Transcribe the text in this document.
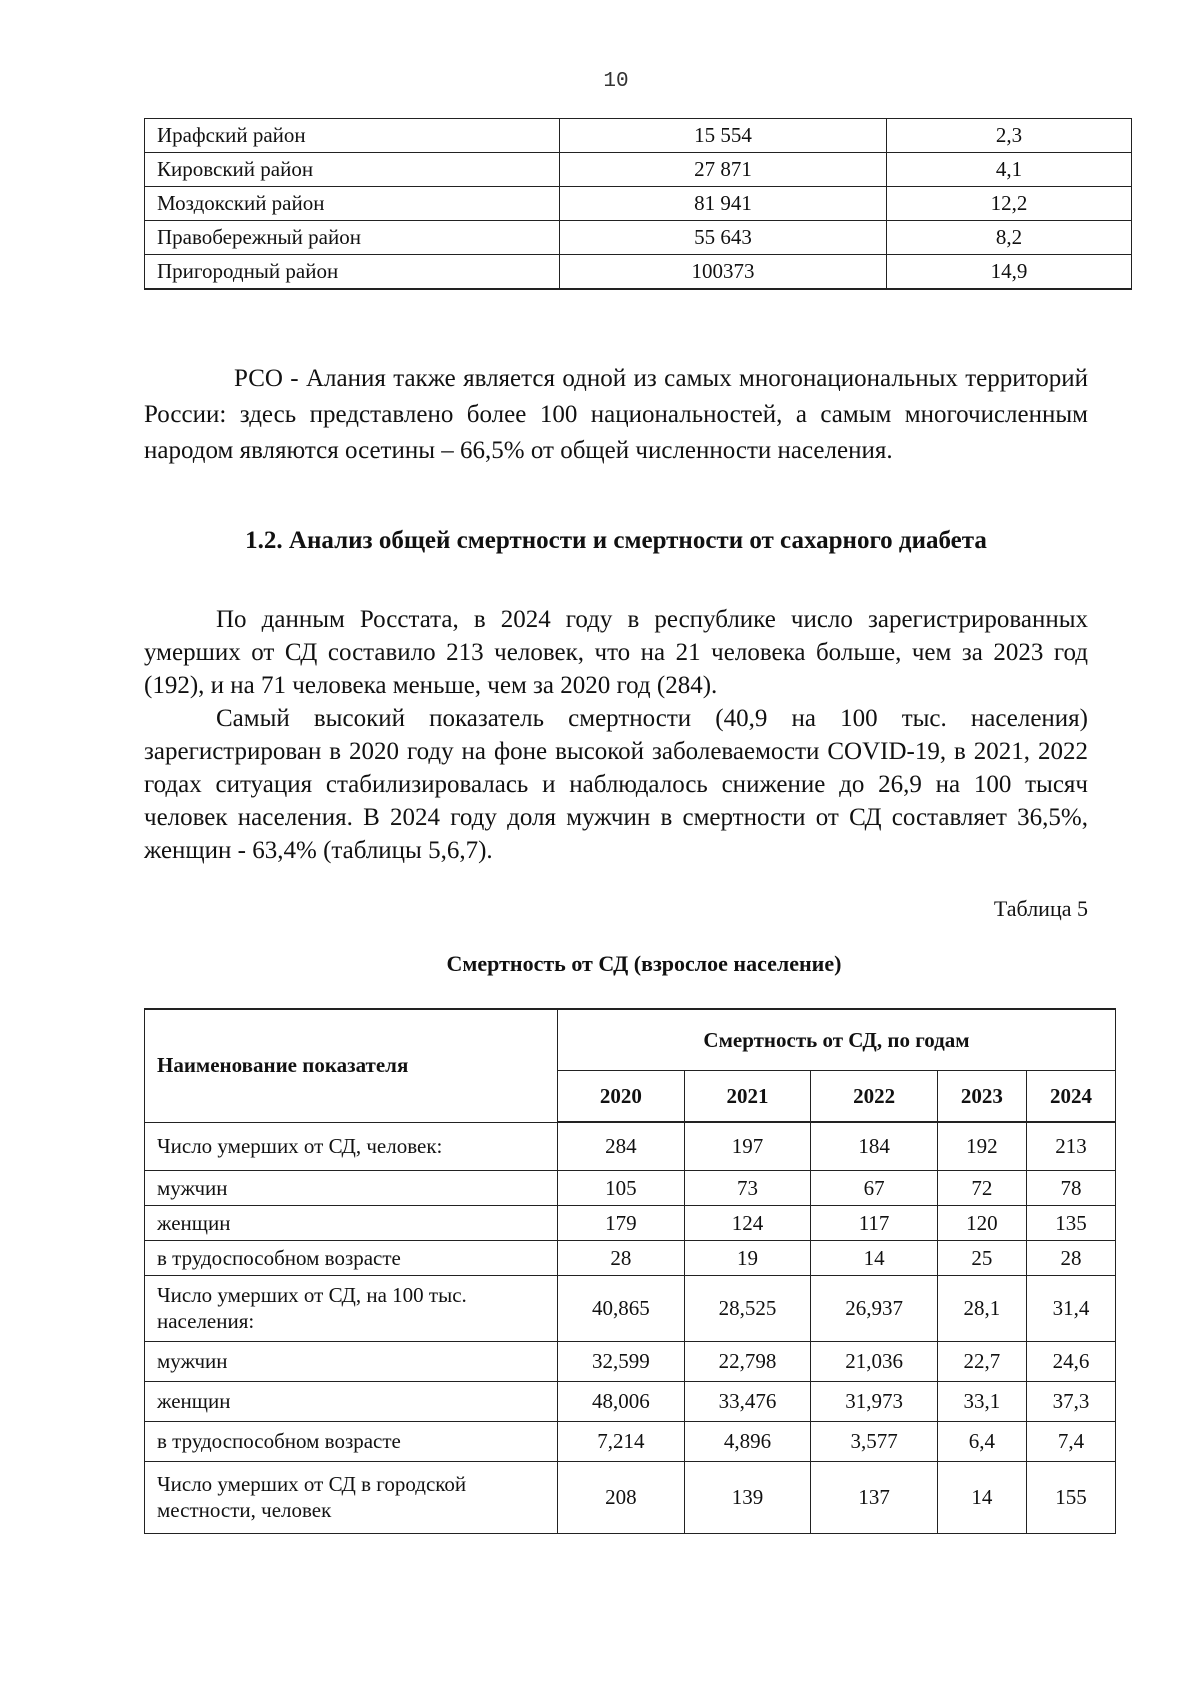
10
Ирафский район	15 554	2,3
Кировский район	27 871	4,1
Моздокский район	81 941	12,2
Правобережный район	55 643	8,2
Пригородный район	100373	14,9

РСО - Алания также является одной из самых многонациональных территорий России: здесь представлено более 100 национальностей, а самым многочисленным народом являются осетины – 66,5% от общей численности населения.

1.2. Анализ общей смертности и смертности от сахарного диабета

По данным Росстата, в 2024 году в республике число зарегистрированных умерших от СД составило 213 человек, что на 21 человека больше, чем за 2023 год (192), и на 71 человека меньше, чем за 2020 год (284).

Самый высокий показатель смертности (40,9 на 100 тыс. населения) зарегистрирован в 2020 году на фоне высокой заболеваемости COVID-19, в 2021, 2022 годах ситуация стабилизировалась и наблюдалось снижение до 26,9 на 100 тысяч человек населения. В 2024 году доля мужчин в смертности от СД составляет 36,5%, женщин - 63,4% (таблицы 5,6,7).

Таблица 5

Смертность от СД (взрослое население)

Наименование показателя	Смертность от СД, по годам				
	2020	2021	2022	2023	2024
Число умерших от СД, человек:	284	197	184	192	213
мужчин	105	73	67	72	78
женщин	179	124	117	120	135
в трудоспособном возрасте	28	19	14	25	28
Число умерших от СД, на 100 тыс. населения:	40,865	28,525	26,937	28,1	31,4
мужчин	32,599	22,798	21,036	22,7	24,6
женщин	48,006	33,476	31,973	33,1	37,3
в трудоспособном возрасте	7,214	4,896	3,577	6,4	7,4
Число умерших от СД в городской местности, человек	208	139	137	14	155
